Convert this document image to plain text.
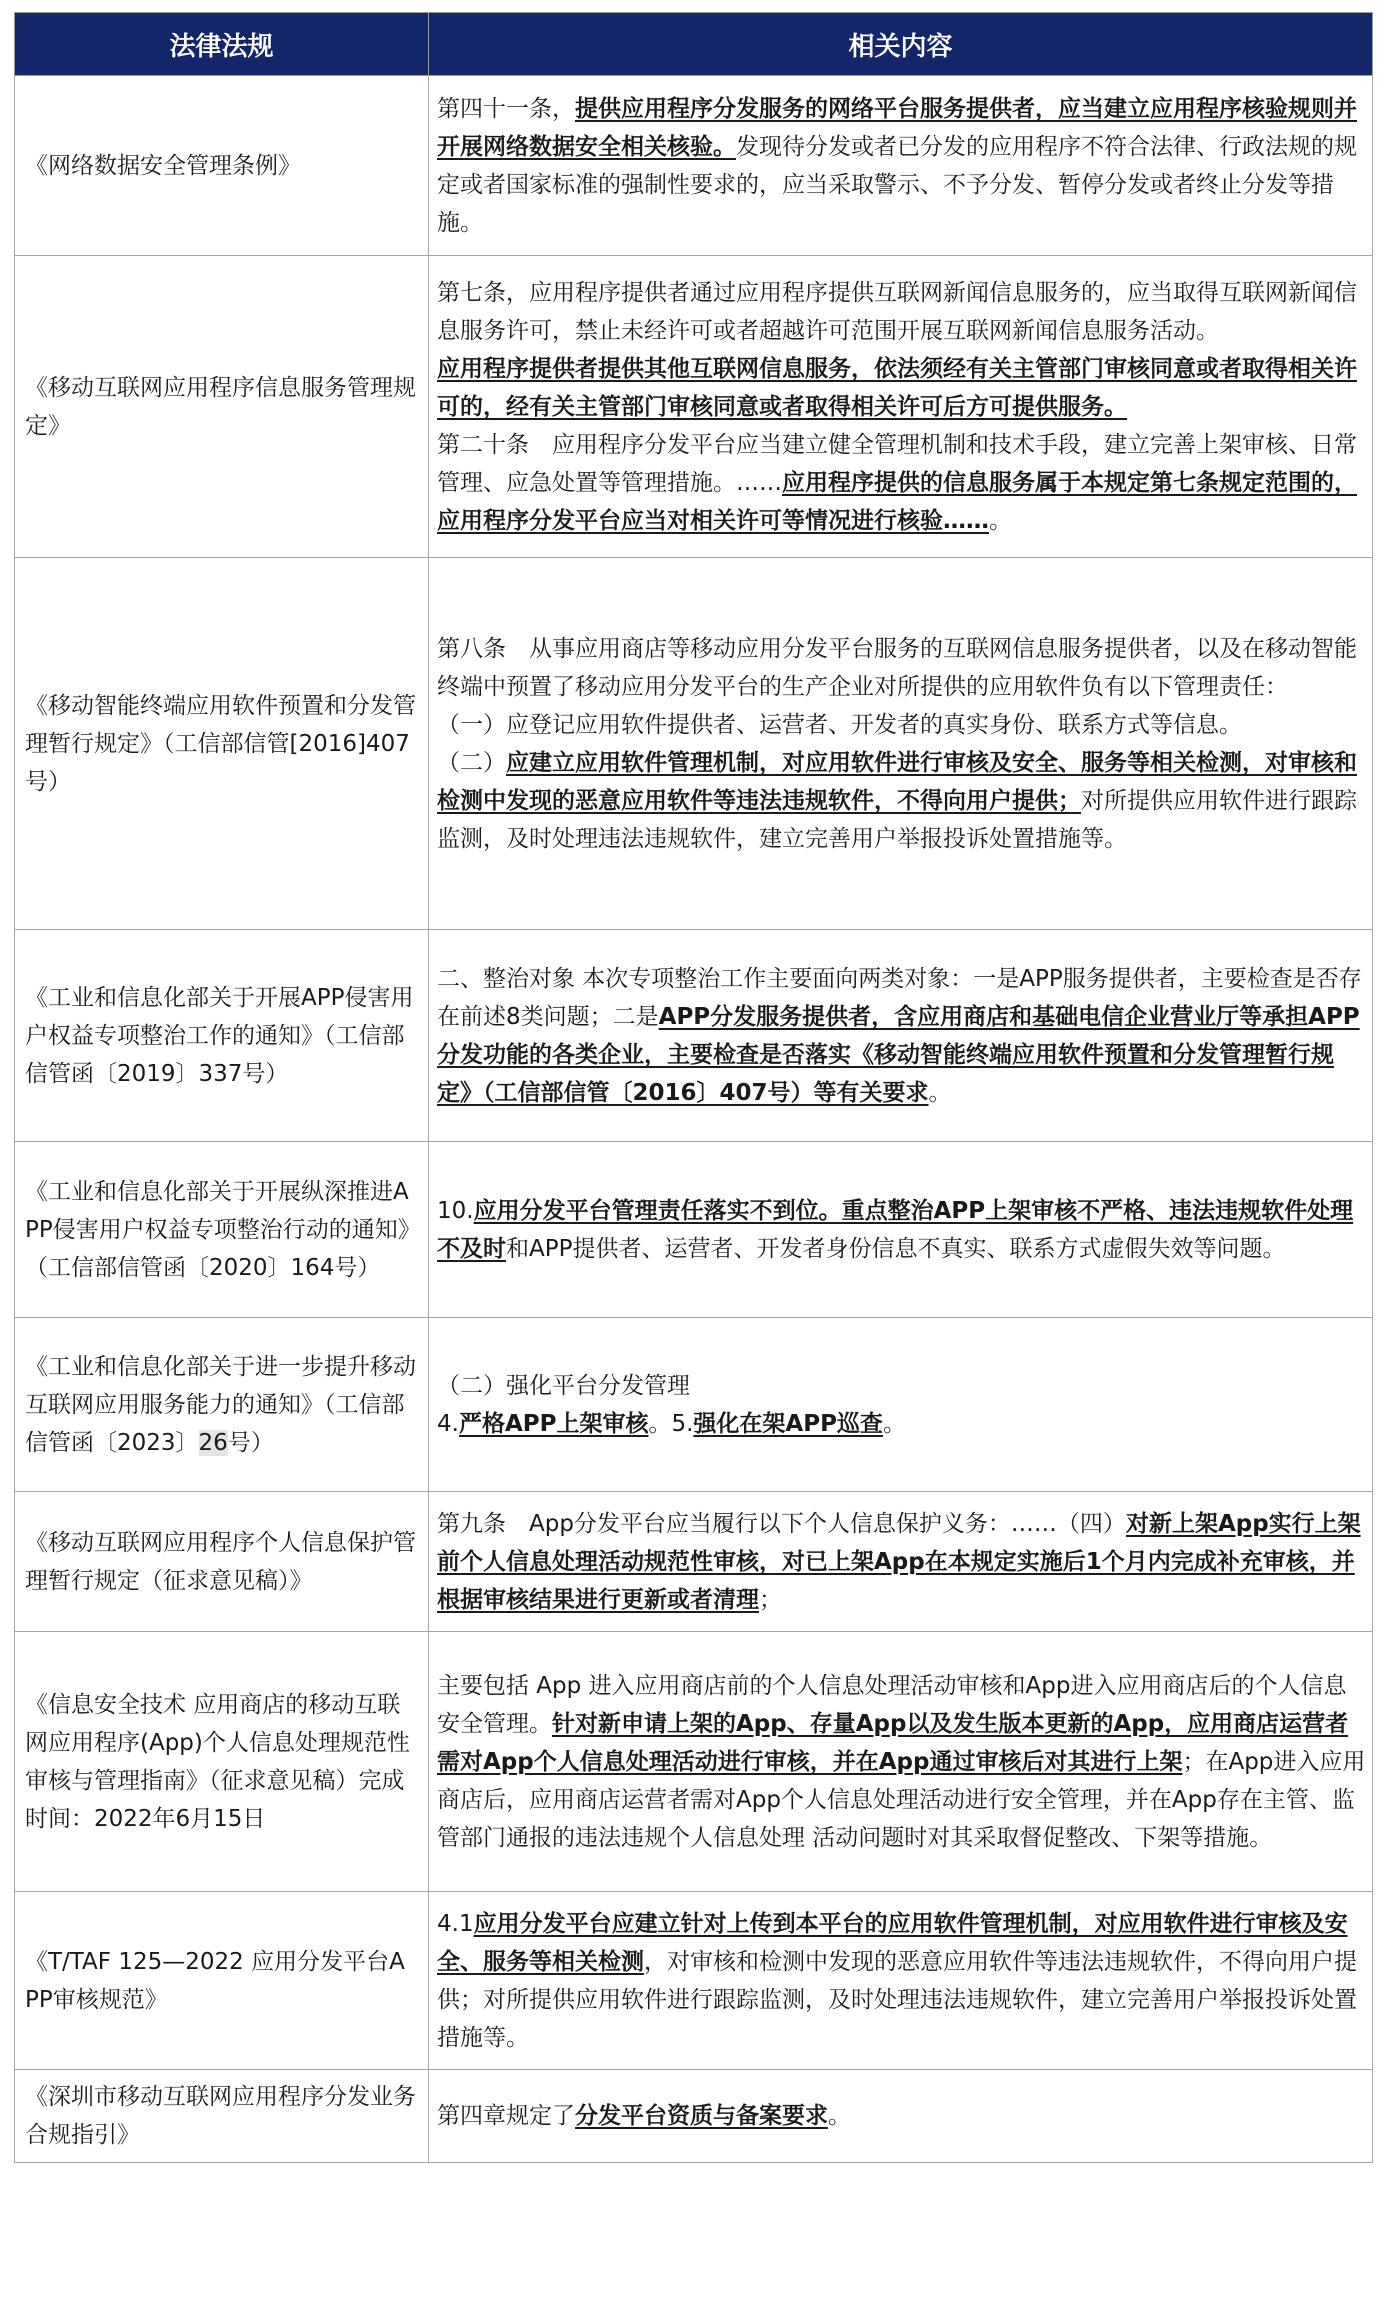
法律法规	相关内容
《网络数据安全管理条例》	第四十一条，提供应用程序分发服务的网络平台服务提供者，应当建立应用程序核验规则并开展网络数据安全相关核验。发现待分发或者已分发的应用程序不符合法律、行政法规的规定或者国家标准的强制性要求的，应当采取警示、不予分发、暂停分发或者终止分发等措施。

《移动互联网应用程序信息服务管理规定》	第七条，应用程序提供者通过应用程序提供互联网新闻信息服务的，应当取得互联网新闻信息服务许可，禁止未经许可或者超越许可范围开展互联网新闻信息服务活动。
应用程序提供者提供其他互联网信息服务，依法须经有关主管部门审核同意或者取得相关许可的，经有关主管部门审核同意或者取得相关许可后方可提供服务。
第二十条　应用程序分发平台应当建立健全管理机制和技术手段，建立完善上架审核、日常管理、应急处置等管理措施。……应用程序提供的信息服务属于本规定第七条规定范围的，应用程序分发平台应当对相关许可等情况进行核验……。

《移动智能终端应用软件预置和分发管理暂行规定》（工信部信管[2016]407号）	第八条　从事应用商店等移动应用分发平台服务的互联网信息服务提供者，以及在移动智能终端中预置了移动应用分发平台的生产企业对所提供的应用软件负有以下管理责任：
（一）应登记应用软件提供者、运营者、开发者的真实身份、联系方式等信息。
（二）应建立应用软件管理机制，对应用软件进行审核及安全、服务等相关检测，对审核和检测中发现的恶意应用软件等违法违规软件，不得向用户提供；对所提供应用软件进行跟踪监测，及时处理违法违规软件，建立完善用户举报投诉处置措施等。

《工业和信息化部关于开展APP侵害用户权益专项整治工作的通知》（工信部信管函〔2019〕337号）	二、整治对象 本次专项整治工作主要面向两类对象：一是APP服务提供者，主要检查是否存在前述8类问题；二是APP分发服务提供者，含应用商店和基础电信企业营业厅等承担APP分发功能的各类企业，主要检查是否落实《移动智能终端应用软件预置和分发管理暂行规定》（工信部信管〔2016〕407号）等有关要求。

《工业和信息化部关于开展纵深推进APP侵害用户权益专项整治行动的通知》（工信部信管函〔2020〕164号）	10.应用分发平台管理责任落实不到位。重点整治APP上架审核不严格、违法违规软件处理不及时和APP提供者、运营者、开发者身份信息不真实、联系方式虚假失效等问题。

《工业和信息化部关于进一步提升移动互联网应用服务能力的通知》（工信部信管函〔2023〕26号）	（二）强化平台分发管理
4.严格APP上架审核。5.强化在架APP巡查。

《移动互联网应用程序个人信息保护管理暂行规定（征求意见稿）》	第九条　App分发平台应当履行以下个人信息保护义务：……（四）对新上架App实行上架前个人信息处理活动规范性审核，对已上架App在本规定实施后1个月内完成补充审核，并根据审核结果进行更新或者清理；

《信息安全技术 应用商店的移动互联网应用程序(App)个人信息处理规范性审核与管理指南》（征求意见稿）完成时间：2022年6月15日	主要包括 App 进入应用商店前的个人信息处理活动审核和App进入应用商店后的个人信息安全管理。针对新申请上架的App、存量App以及发生版本更新的App，应用商店运营者需对App个人信息处理活动进行审核，并在App通过审核后对其进行上架；在App进入应用商店后，应用商店运营者需对App个人信息处理活动进行安全管理，并在App存在主管、监管部门通报的违法违规个人信息处理 活动问题时对其采取督促整改、下架等措施。

《T/TAF 125—2022 应用分发平台APP审核规范》	4.1应用分发平台应建立针对上传到本平台的应用软件管理机制，对应用软件进行审核及安全、服务等相关检测，对审核和检测中发现的恶意应用软件等违法违规软件，不得向用户提供；对所提供应用软件进行跟踪监测，及时处理违法违规软件，建立完善用户举报投诉处置措施等。

《深圳市移动互联网应用程序分发业务合规指引》	第四章规定了分发平台资质与备案要求。
